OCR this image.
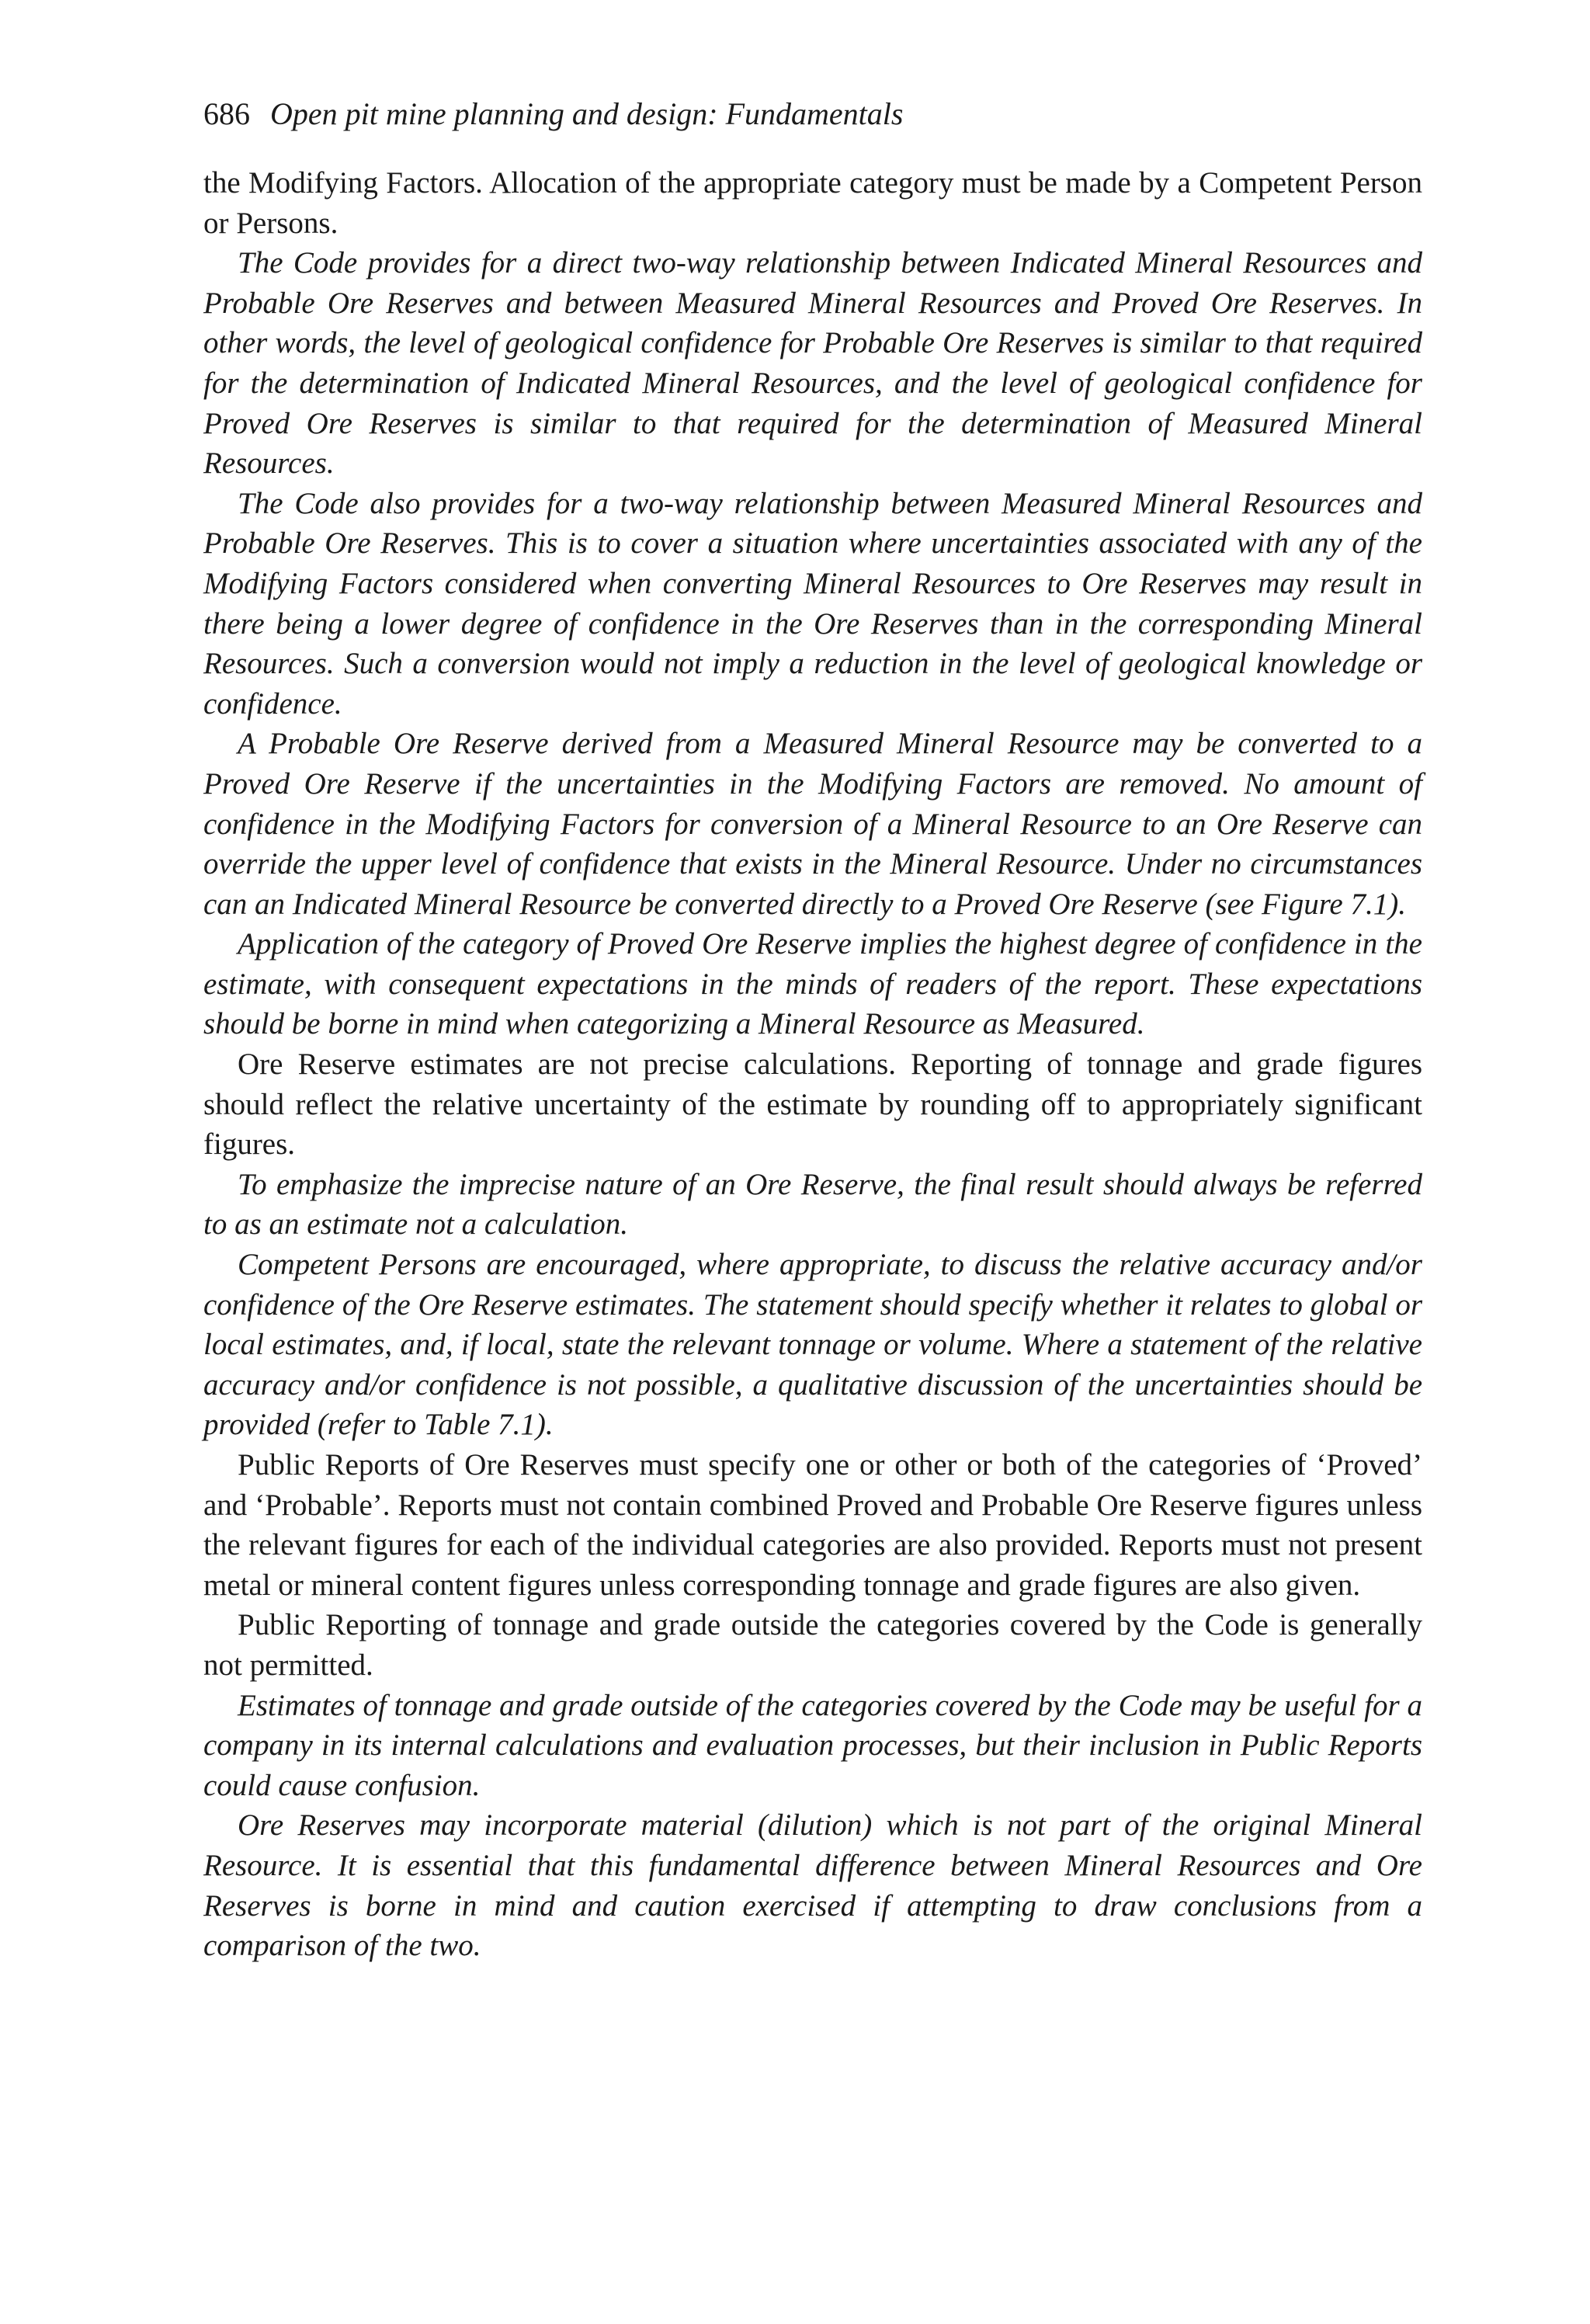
686 Open pit mine planning and design: Fundamentals

the Modifying Factors. Allocation of the appropriate category must be made by a Competent Person or Persons.

The Code provides for a direct two-way relationship between Indicated Mineral Resources and Probable Ore Reserves and between Measured Mineral Resources and Proved Ore Reserves. In other words, the level of geological confidence for Probable Ore Reserves is similar to that required for the determination of Indicated Mineral Resources, and the level of geological confidence for Proved Ore Reserves is similar to that required for the determination of Measured Mineral Resources.

The Code also provides for a two-way relationship between Measured Mineral Resources and Probable Ore Reserves. This is to cover a situation where uncertainties associated with any of the Modifying Factors considered when converting Mineral Resources to Ore Reserves may result in there being a lower degree of confidence in the Ore Reserves than in the corresponding Mineral Resources. Such a conversion would not imply a reduction in the level of geological knowledge or confidence.

A Probable Ore Reserve derived from a Measured Mineral Resource may be converted to a Proved Ore Reserve if the uncertainties in the Modifying Factors are removed. No amount of confidence in the Modifying Factors for conversion of a Mineral Resource to an Ore Reserve can override the upper level of confidence that exists in the Mineral Resource. Under no circumstances can an Indicated Mineral Resource be converted directly to a Proved Ore Reserve (see Figure 7.1).

Application of the category of Proved Ore Reserve implies the highest degree of confidence in the estimate, with consequent expectations in the minds of readers of the report. These expectations should be borne in mind when categorizing a Mineral Resource as Measured.

Ore Reserve estimates are not precise calculations. Reporting of tonnage and grade figures should reflect the relative uncertainty of the estimate by rounding off to appropriately significant figures.

To emphasize the imprecise nature of an Ore Reserve, the final result should always be referred to as an estimate not a calculation.

Competent Persons are encouraged, where appropriate, to discuss the relative accuracy and/or confidence of the Ore Reserve estimates. The statement should specify whether it relates to global or local estimates, and, if local, state the relevant tonnage or volume. Where a statement of the relative accuracy and/or confidence is not possible, a qualitative discussion of the uncertainties should be provided (refer to Table 7.1).

Public Reports of Ore Reserves must specify one or other or both of the categories of ‘Proved’ and ‘Probable’. Reports must not contain combined Proved and Probable Ore Reserve figures unless the relevant figures for each of the individual categories are also provided. Reports must not present metal or mineral content figures unless corresponding tonnage and grade figures are also given.

Public Reporting of tonnage and grade outside the categories covered by the Code is generally not permitted.

Estimates of tonnage and grade outside of the categories covered by the Code may be useful for a company in its internal calculations and evaluation processes, but their inclusion in Public Reports could cause confusion.

Ore Reserves may incorporate material (dilution) which is not part of the original Mineral Resource. It is essential that this fundamental difference between Mineral Resources and Ore Reserves is borne in mind and caution exercised if attempting to draw conclusions from a comparison of the two.
